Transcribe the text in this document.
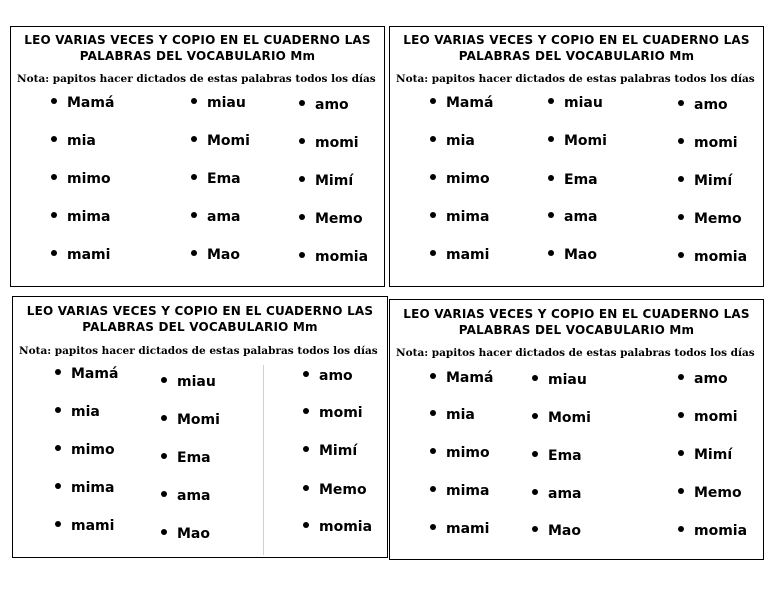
LEO VARIAS VECES Y COPIO EN EL CUADERNO LAS
PALABRAS DEL VOCABULARIO Mm
Nota: papitos hacer dictados de estas palabras todos los días
Mamá
mia
mimo
mima
mami
miau
Momi
Ema
ama
Mao
amo
momi
Mimí
Memo
momia
LEO VARIAS VECES Y COPIO EN EL CUADERNO LAS
PALABRAS DEL VOCABULARIO Mm
Nota: papitos hacer dictados de estas palabras todos los días
Mamá
mia
mimo
mima
mami
miau
Momi
Ema
ama
Mao
amo
momi
Mimí
Memo
momia
LEO VARIAS VECES Y COPIO EN EL CUADERNO LAS
PALABRAS DEL VOCABULARIO Mm
Nota: papitos hacer dictados de estas palabras todos los días
Mamá
mia
mimo
mima
mami
miau
Momi
Ema
ama
Mao
amo
momi
Mimí
Memo
momia
LEO VARIAS VECES Y COPIO EN EL CUADERNO LAS
PALABRAS DEL VOCABULARIO Mm
Nota: papitos hacer dictados de estas palabras todos los días
Mamá
mia
mimo
mima
mami
miau
Momi
Ema
ama
Mao
amo
momi
Mimí
Memo
momia
